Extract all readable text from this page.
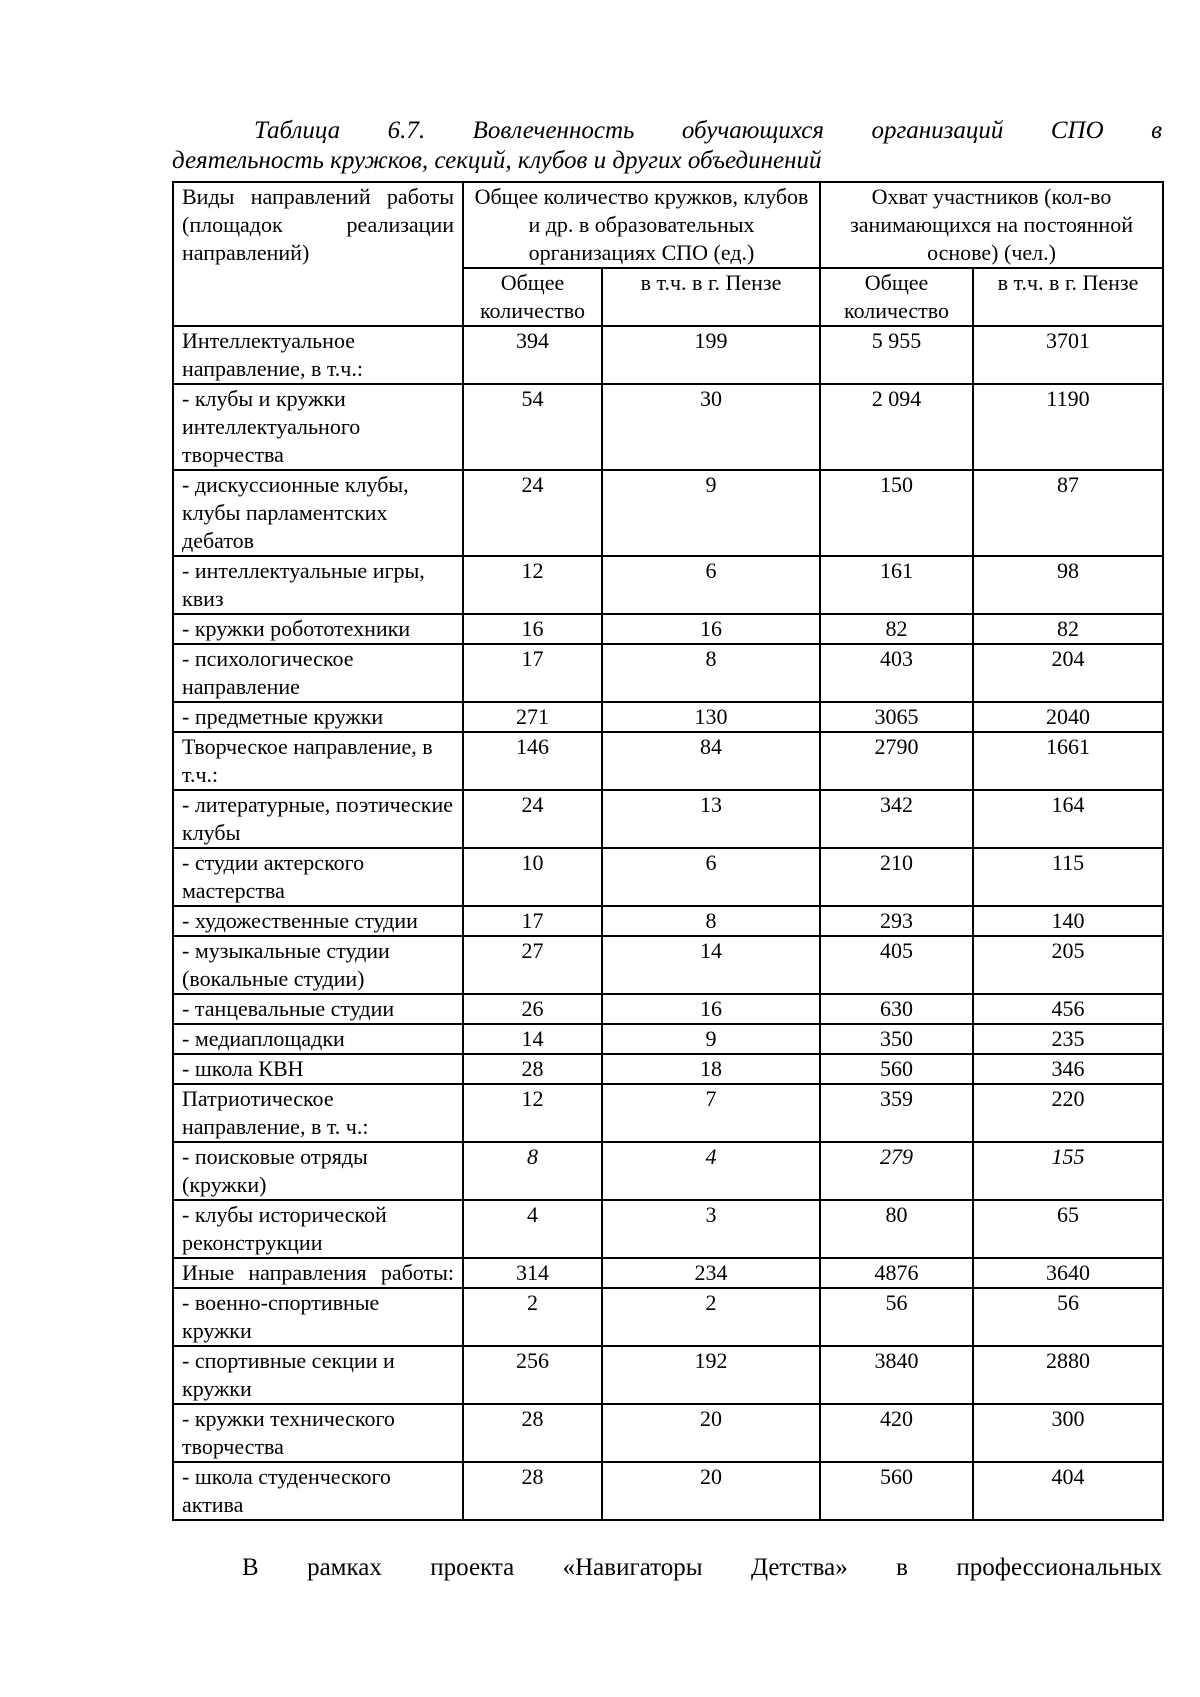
Таблица 6.7. Вовлеченность обучающихся организаций СПО в
деятельность кружков, секций, клубов и других объединений
Виды направлений работы (площадок реализации направлений)	Общее количество кружков, клубов и др. в образовательных организациях СПО (ед.)		Охват участников (кол-во занимающихся на постоянной основе) (чел.)	
	Общее количество	в т.ч. в г. Пензе	Общее количество	в т.ч. в г. Пензе
Интеллектуальное направление, в т.ч.:	394	199	5 955	3701
- клубы и кружки интеллектуального творчества	54	30	2 094	1190
- дискуссионные клубы, клубы парламентских дебатов	24	9	150	87
- интеллектуальные игры, квиз	12	6	161	98
- кружки робототехники	16	16	82	82
- психологическое направление	17	8	403	204
- предметные кружки	271	130	3065	2040
Творческое направление, в т.ч.:	146	84	2790	1661
- литературные, поэтические клубы	24	13	342	164
- студии актерского мастерства	10	6	210	115
- художественные студии	17	8	293	140
- музыкальные студии (вокальные студии)	27	14	405	205
- танцевальные студии	26	16	630	456
- медиаплощадки	14	9	350	235
- школа КВН	28	18	560	346
Патриотическое направление, в т. ч.:	12	7	359	220
- поисковые отряды (кружки)	8	4	279	155
- клубы исторической реконструкции	4	3	80	65
Иные направления работы:	314	234	4876	3640
- военно-спортивные кружки	2	2	56	56
- спортивные секции и кружки	256	192	3840	2880
- кружки технического творчества	28	20	420	300
- школа студенческого актива	28	20	560	404
В рамках проекта «Навигаторы Детства» в профессиональных
